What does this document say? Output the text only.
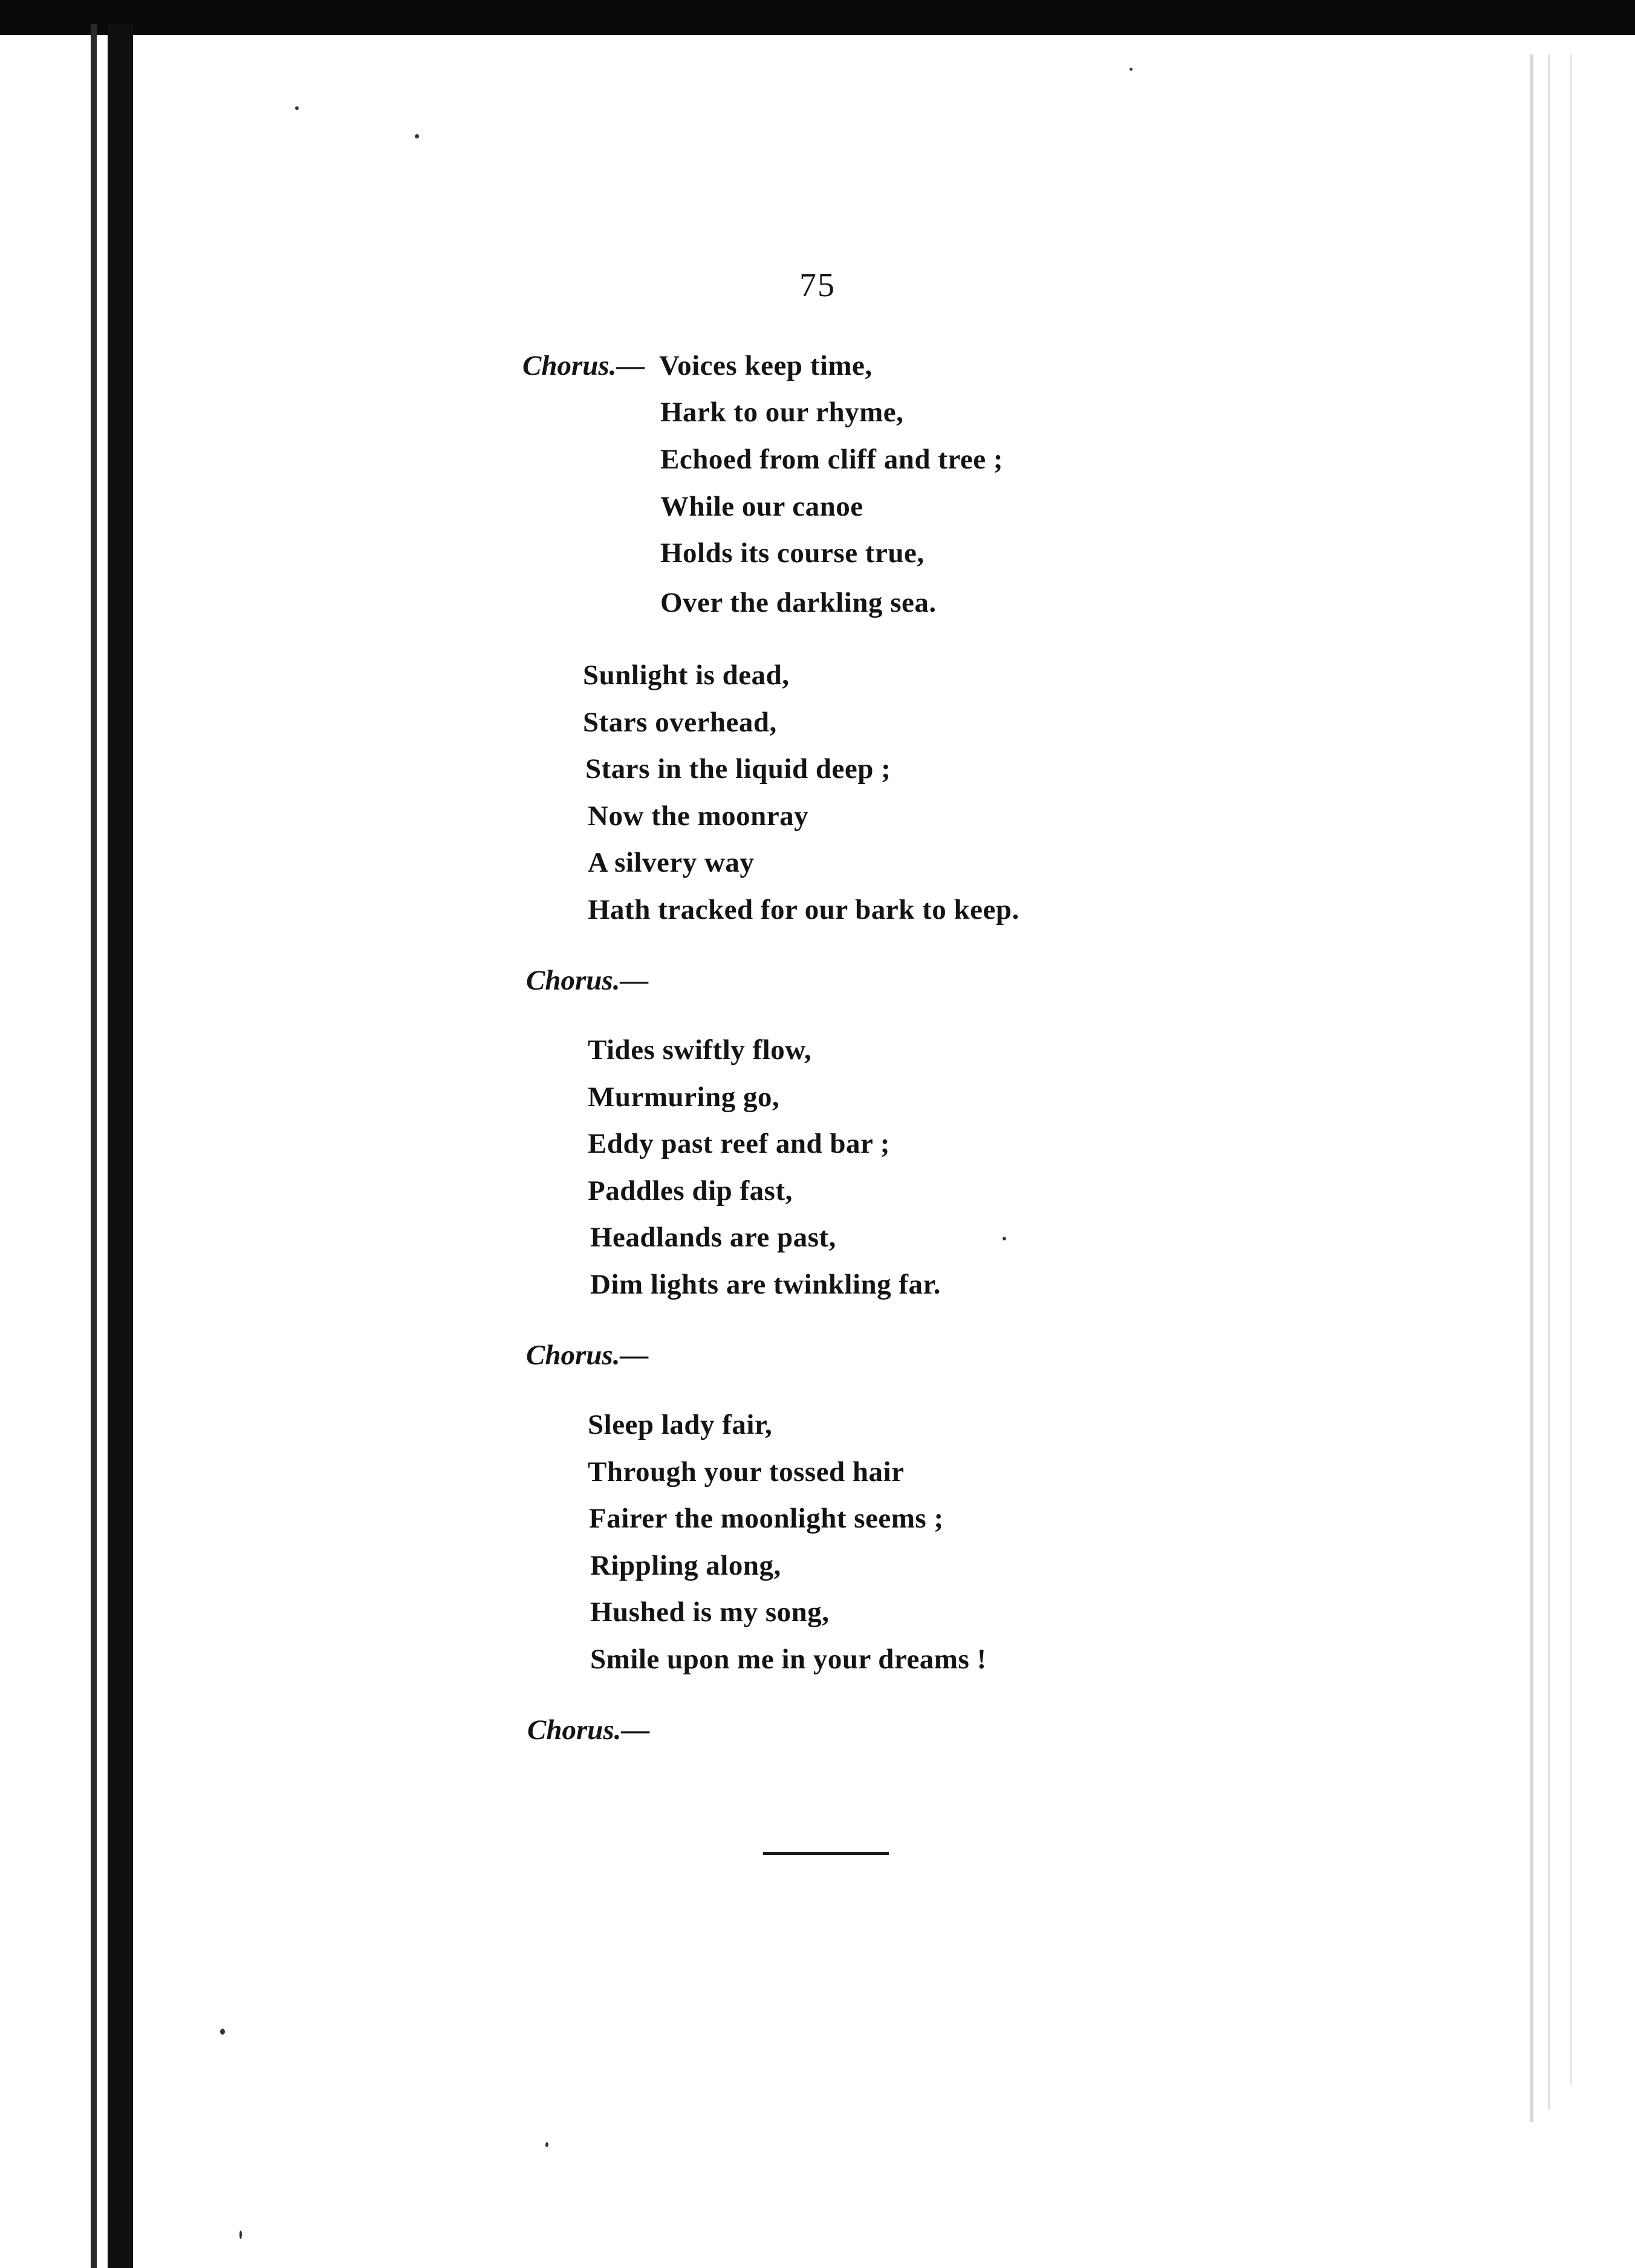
75
Chorus.— Voices keep time,
Hark to our rhyme,
Echoed from cliff and tree ;
While our canoe
Holds its course true,
Over the darkling sea.
Sunlight is dead,
Stars overhead,
Stars in the liquid deep ;
Now the moonray
A silvery way
Hath tracked for our bark to keep.
Chorus.—
Tides swiftly flow,
Murmuring go,
Eddy past reef and bar ;
Paddles dip fast,
Headlands are past,
Dim lights are twinkling far.
Chorus.—
Sleep lady fair,
Through your tossed hair
Fairer the moonlight seems ;
Rippling along,
Hushed is my song,
Smile upon me in your dreams !
Chorus.—
